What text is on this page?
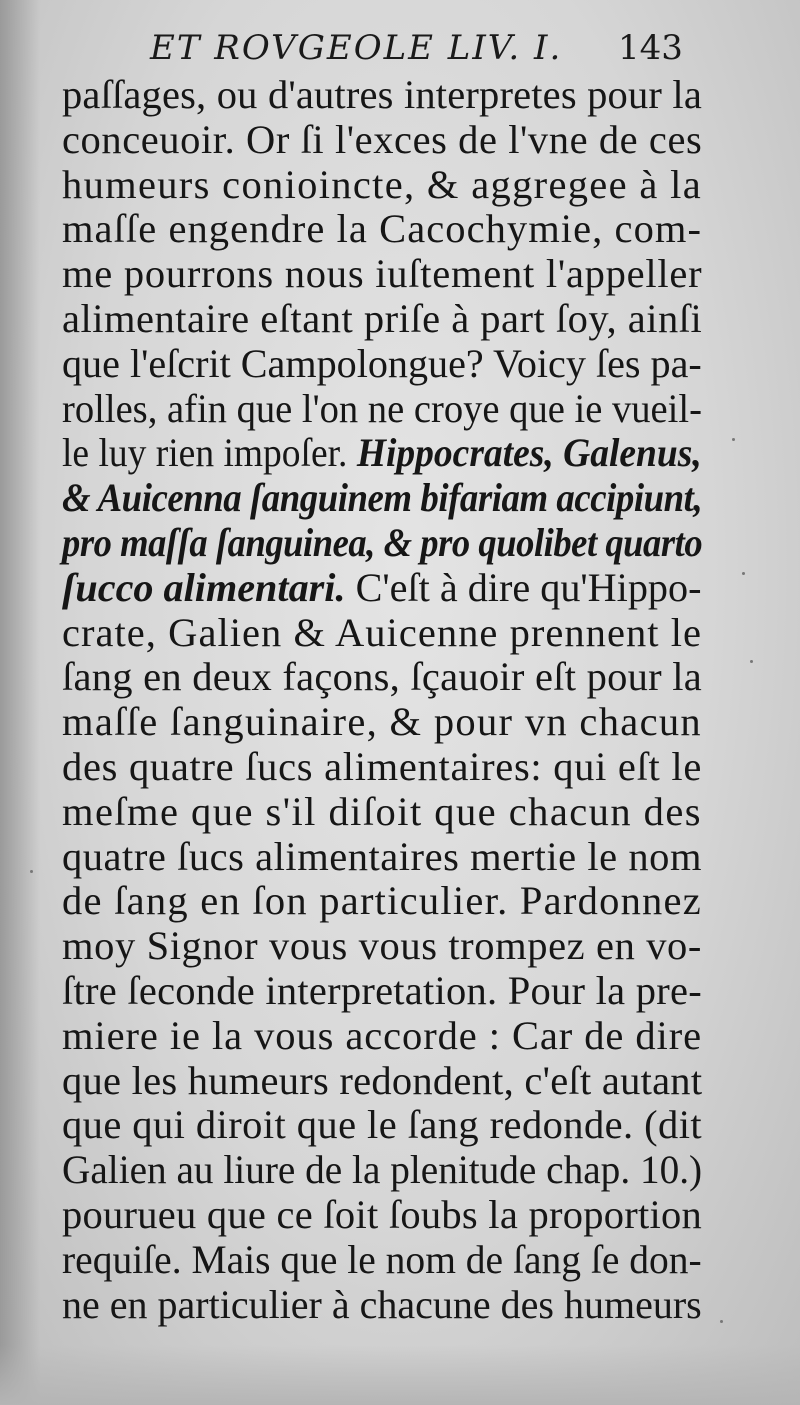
ET ROVGEOLE LIV. I. 143
paſſages, ou d'autres interpretes pour la
conceuoir. Or ſi l'exces de l'vne de ces
humeurs conioincte, & aggregee à la
maſſe engendre la Cacochymie, com-
me pourrons nous iuſtement l'appeller
alimentaire eſtant priſe à part ſoy, ainſi
que l'eſcrit Campolongue? Voicy ſes pa-
rolles, afin que l'on ne croye que ie vueil-
le luy rien impoſer. Hippocrates, Galenus,
& Auicenna ſanguinem bifariam accipiunt,
pro maſſa ſanguinea, & pro quolibet quarto
ſucco alimentari. C'eſt à dire qu'Hippo-
crate, Galien & Auicenne prennent le
ſang en deux façons, ſçauoir eſt pour la
maſſe ſanguinaire, & pour vn chacun
des quatre ſucs alimentaires: qui eſt le
meſme que s'il diſoit que chacun des
quatre ſucs alimentaires mertie le nom
de ſang en ſon particulier. Pardonnez
moy Signor vous vous trompez en vo-
ſtre ſeconde interpretation. Pour la pre-
miere ie la vous accorde : Car de dire
que les humeurs redondent, c'eſt autant
que qui diroit que le ſang redonde. (dit
Galien au liure de la plenitude chap. 10.)
pourueu que ce ſoit ſoubs la proportion
requiſe. Mais que le nom de ſang ſe don-
ne en particulier à chacune des humeurs
